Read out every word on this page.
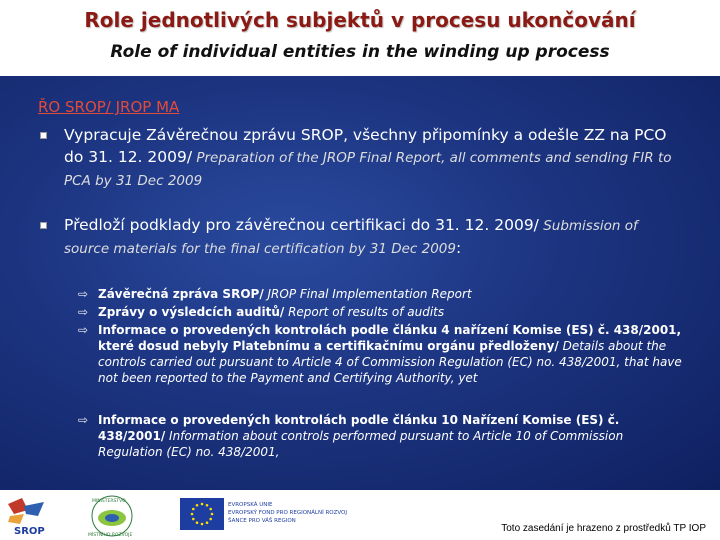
Role jednotlivých subjektů v procesu ukončování
Role of individual entities in the winding up process
ŘO SROP/ JROP MA
Vypracuje Závěrečnou zprávu SROP, všechny připomínky a odešle ZZ na PCO do 31. 12. 2009/ Preparation of the JROP Final Report, all comments and sending FIR to PCA by 31 Dec 2009
Předloží podklady pro závěrečnou certifikaci do 31. 12. 2009/ Submission of source materials for the final certification by 31 Dec 2009:
⇨ Závěrečná zpráva SROP/ JROP Final Implementation Report
⇨ Zprávy o výsledcích auditů/ Report of results of audits
⇨ Informace o provedených kontrolách podle článku 4 nařízení Komise (ES) č. 438/2001, které dosud nebyly Platebnímu a certifikačnímu orgánu předloženy/ Details about the controls carried out pursuant to Article 4 of Commission Regulation (EC) no. 438/2001, that have not been reported to the Payment and Certifying Authority, yet
⇨ Informace o provedených kontrolách podle článku 10 Nařízení Komise (ES) č. 438/2001/ Information about controls performed pursuant to Article 10 of Commission Regulation (EC) no. 438/2001,
SROP
MINISTERSTVO
MÍSTNÍHO ROZVOJE
EVROPSKÁ UNIE
EVROPSKÝ FOND PRO REGIONÁLNÍ ROZVOJ
ŠANCE PRO VÁŠ REGION
Toto zasedání je hrazeno z prostředků TP IOP
